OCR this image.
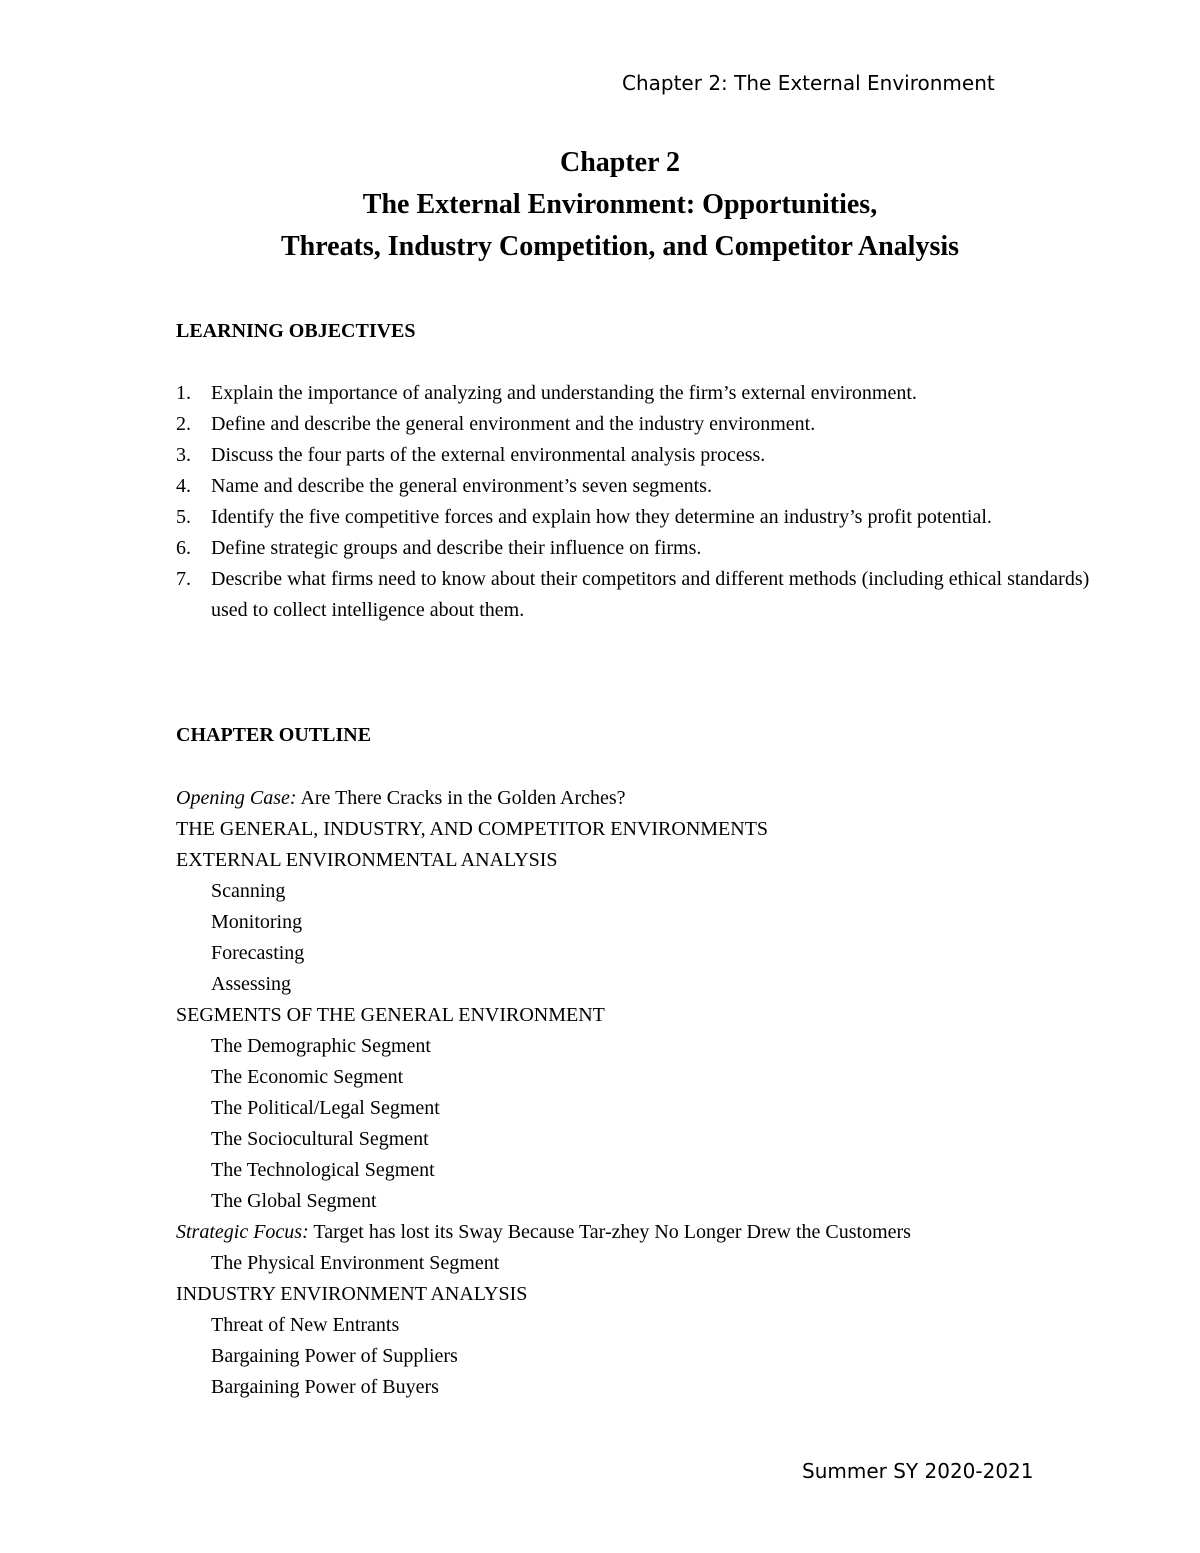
Chapter 2: The External Environment
Chapter 2
The External Environment: Opportunities,
Threats, Industry Competition, and Competitor Analysis
LEARNING OBJECTIVES
1. Explain the importance of analyzing and understanding the firm’s external environment.
2. Define and describe the general environment and the industry environment.
3. Discuss the four parts of the external environmental analysis process.
4. Name and describe the general environment’s seven segments.
5. Identify the five competitive forces and explain how they determine an industry’s profit potential.
6. Define strategic groups and describe their influence on firms.
7. Describe what firms need to know about their competitors and different methods (including ethical standards) used to collect intelligence about them.
CHAPTER OUTLINE
Opening Case: Are There Cracks in the Golden Arches?
THE GENERAL, INDUSTRY, AND COMPETITOR ENVIRONMENTS
EXTERNAL ENVIRONMENTAL ANALYSIS
Scanning
Monitoring
Forecasting
Assessing
SEGMENTS OF THE GENERAL ENVIRONMENT
The Demographic Segment
The Economic Segment
The Political/Legal Segment
The Sociocultural Segment
The Technological Segment
The Global Segment
Strategic Focus: Target has lost its Sway Because Tar-zhey No Longer Drew the Customers
The Physical Environment Segment
INDUSTRY ENVIRONMENT ANALYSIS
Threat of New Entrants
Bargaining Power of Suppliers
Bargaining Power of Buyers
Summer SY 2020-2021
